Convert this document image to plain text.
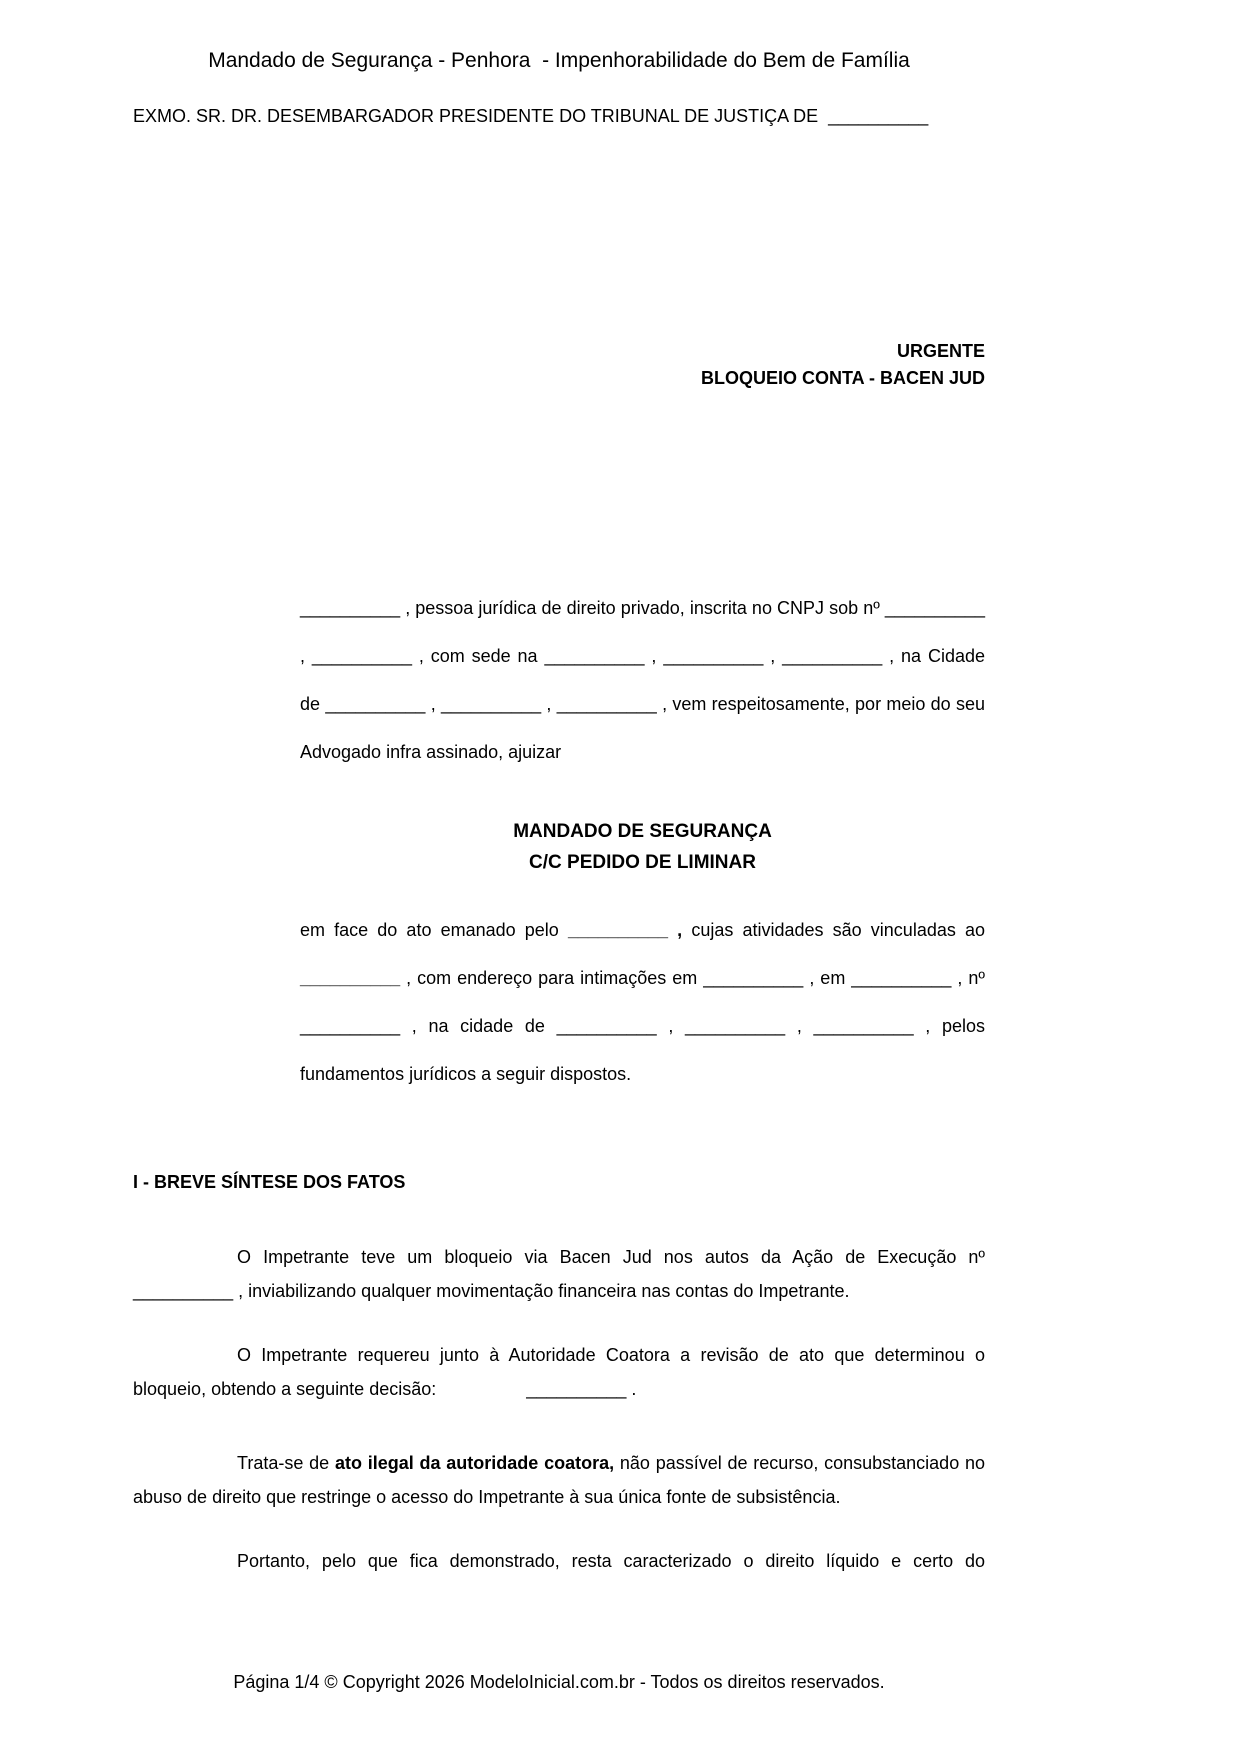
Mandado de Segurança - Penhora  - Impenhorabilidade do Bem de Família

EXMO. SR. DR. DESEMBARGADOR PRESIDENTE DO TRIBUNAL DE JUSTIÇA DE  __________

URGENTE

BLOQUEIO CONTA - BACEN JUD

__________ , pessoa jurídica de direito privado, inscrita no CNPJ sob nº __________ , __________ , com sede na __________ , __________ , __________ , na Cidade de __________ , __________ , __________ , vem respeitosamente, por meio do seu Advogado infra assinado, ajuizar

MANDADO DE SEGURANÇA

C/C PEDIDO DE LIMINAR

em face do ato emanado pelo __________ , cujas atividades são vinculadas ao __________ , com endereço para intimações em __________ , em __________ , nº __________ , na cidade de __________ , __________ , __________ , pelos fundamentos jurídicos a seguir dispostos.

I - BREVE SÍNTESE DOS FATOS

O Impetrante teve um bloqueio via Bacen Jud nos autos da Ação de Execução nº __________ , inviabilizando qualquer movimentação financeira nas contas do Impetrante.

O Impetrante requereu junto à Autoridade Coatora a revisão de ato que determinou o bloqueio, obtendo a seguinte decisão:                  __________ .

Trata-se de ato ilegal da autoridade coatora, não passível de recurso, consubstanciado no abuso de direito que restringe o acesso do Impetrante à sua única fonte de subsistência.

Portanto, pelo que fica demonstrado, resta caracterizado o direito líquido e certo do

Página 1/4 © Copyright 2026 ModeloInicial.com.br - Todos os direitos reservados.
